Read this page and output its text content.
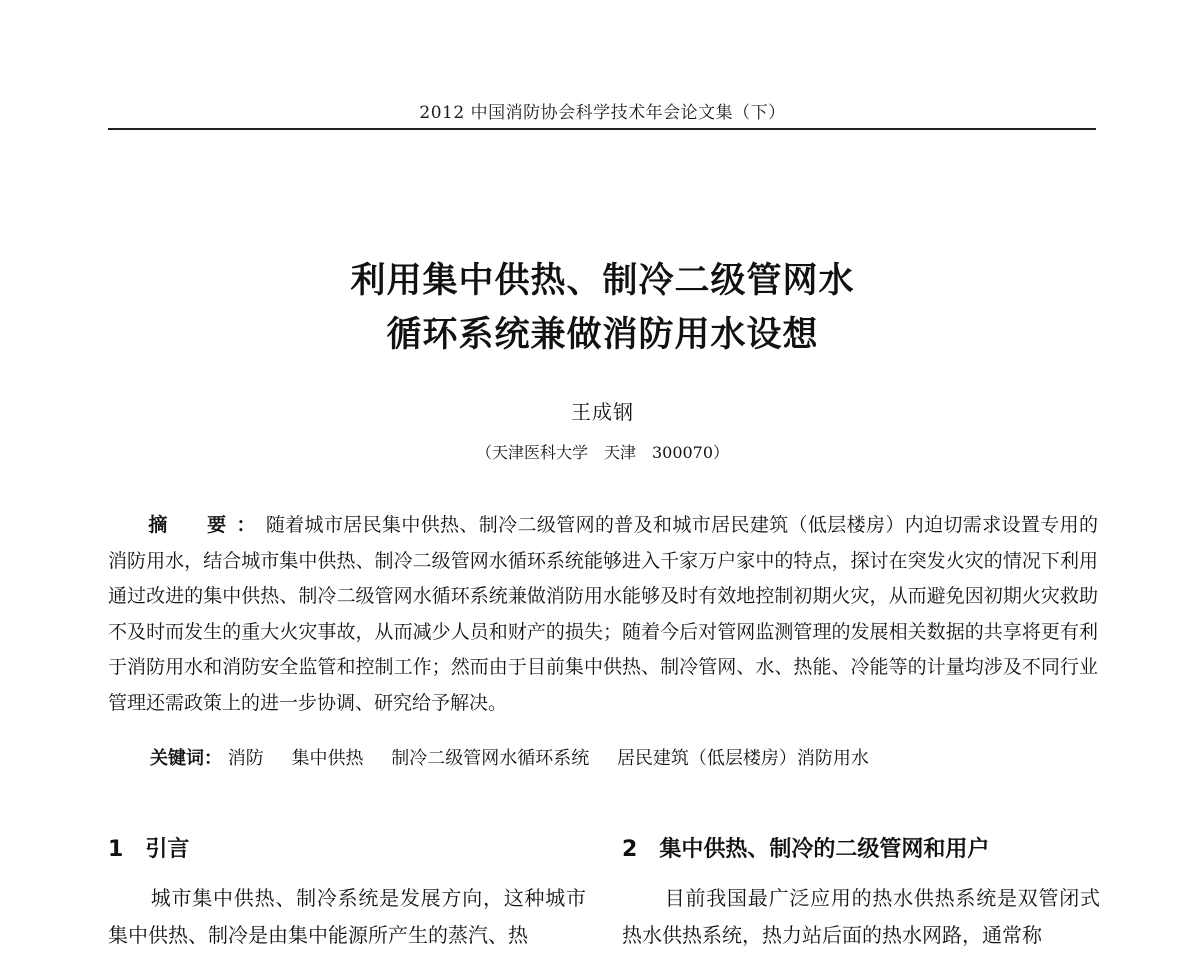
2012 中国消防协会科学技术年会论文集（下）
利用集中供热、制冷二级管网水
循环系统兼做消防用水设想
王成钢
（天津医科大学　天津　300070）

摘　要：随着城市居民集中供热、制冷二级管网的普及和城市居民建筑（低层楼房）内迫切需求设置专用的消防用水，结合城市集中供热、制冷二级管网水循环系统能够进入千家万户家中的特点，探讨在突发火灾的情况下利用通过改进的集中供热、制冷二级管网水循环系统兼做消防用水能够及时有效地控制初期火灾，从而避免因初期火灾救助不及时而发生的重大火灾事故，从而减少人员和财产的损失；随着今后对管网监测管理的发展相关数据的共享将更有利于消防用水和消防安全监管和控制工作；然而由于目前集中供热、制冷管网、水、热能、冷能等的计量均涉及不同行业管理还需政策上的进一步协调、研究给予解决。

关键词： 消防 集中供热 制冷二级管网水循环系统 居民建筑（低层楼房）消防用水
1 引言

城市集中供热、制冷系统是发展方向，这种城市集中供热、制冷是由集中能源所产生的蒸汽、热

2 集中供热、制冷的二级管网和用户

目前我国最广泛应用的热水供热系统是双管闭式热水供热系统，热力站后面的热水网路，通常称
